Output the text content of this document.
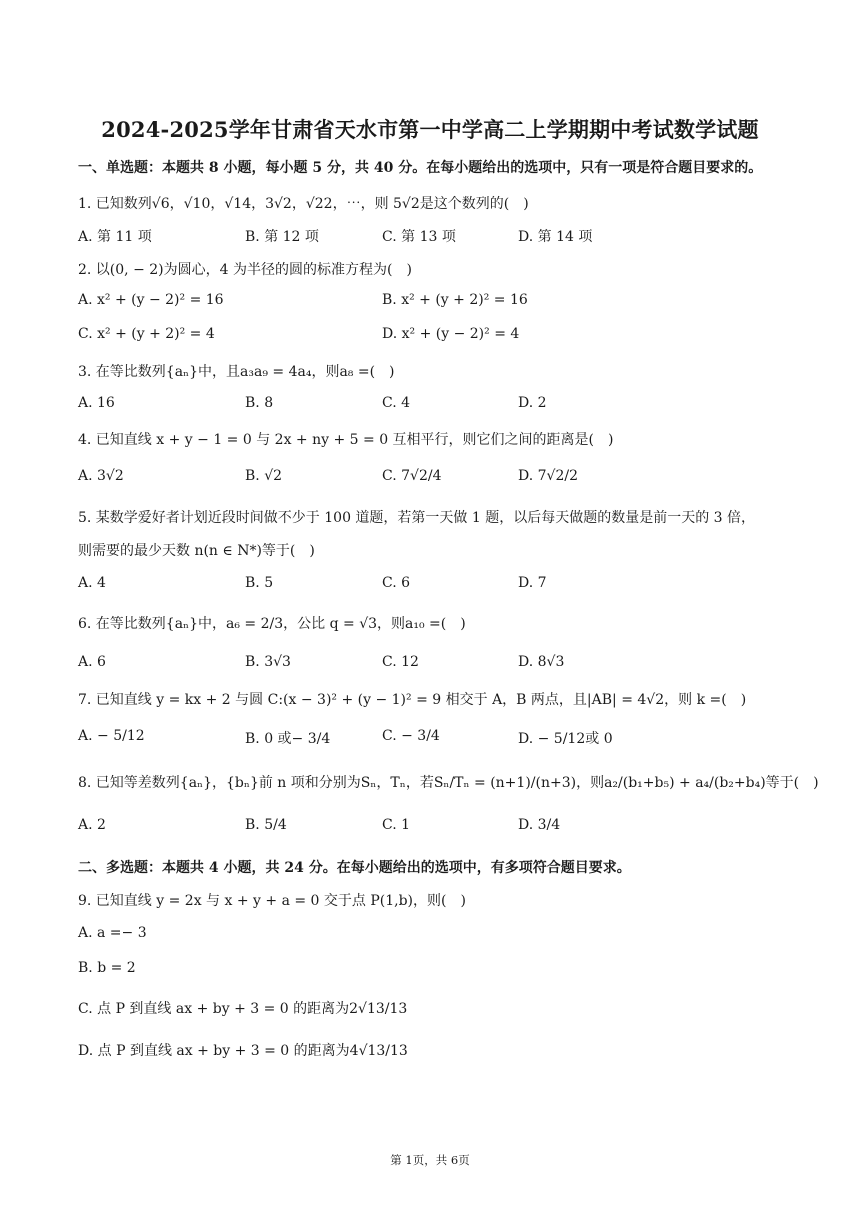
2024-2025学年甘肃省天水市第一中学高二上学期期中考试数学试题
一、单选题：本题共 8 小题，每小题 5 分，共 40 分。在每小题给出的选项中，只有一项是符合题目要求的。
1. 已知数列√6，√10，√14，3√2，√22，⋯，则 5√2是这个数列的(　)
A. 第 11 项	B. 第 12 项	C. 第 13 项	D. 第 14 项
2. 以(0, − 2)为圆心，4 为半径的圆的标准方程为(　)
A. x² + (y − 2)² = 16	B. x² + (y + 2)² = 16
C. x² + (y + 2)² = 4	D. x² + (y − 2)² = 4
3. 在等比数列{aₙ}中，且a₃a₉ = 4a₄，则a₈ =(　)
A. 16	B. 8	C. 4	D. 2
4. 已知直线 x + y − 1 = 0 与 2x + ny + 5 = 0 互相平行，则它们之间的距离是(　)
A. 3√2	B. √2	C. 7√2/4	D. 7√2/2
5. 某数学爱好者计划近段时间做不少于 100 道题，若第一天做 1 题，以后每天做题的数量是前一天的 3 倍，
则需要的最少天数 n(n ∈ N*)等于(　)
A. 4	B. 5	C. 6	D. 7
6. 在等比数列{aₙ}中，a₆ = 2/3，公比 q = √3，则a₁₀ =(　)
A. 6	B. 3√3	C. 12	D. 8√3
7. 已知直线 y = kx + 2 与圆 C:(x − 3)² + (y − 1)² = 9 相交于 A，B 两点，且|AB| = 4√2，则 k =(　)
A. − 5/12	B. 0 或− 3/4	C. − 3/4	D. − 5/12或 0
8. 已知等差数列{aₙ}，{bₙ}前 n 项和分别为Sₙ，Tₙ，若Sₙ/Tₙ = (n+1)/(n+3)，则a₂/(b₁+b₅) + a₄/(b₂+b₄)等于(　)
A. 2	B. 5/4	C. 1	D. 3/4
二、多选题：本题共 4 小题，共 24 分。在每小题给出的选项中，有多项符合题目要求。
9. 已知直线 y = 2x 与 x + y + a = 0 交于点 P(1,b)，则(　)
A. a =− 3
B. b = 2
C. 点 P 到直线 ax + by + 3 = 0 的距离为2√13/13
D. 点 P 到直线 ax + by + 3 = 0 的距离为4√13/13
第 1页，共 6页
